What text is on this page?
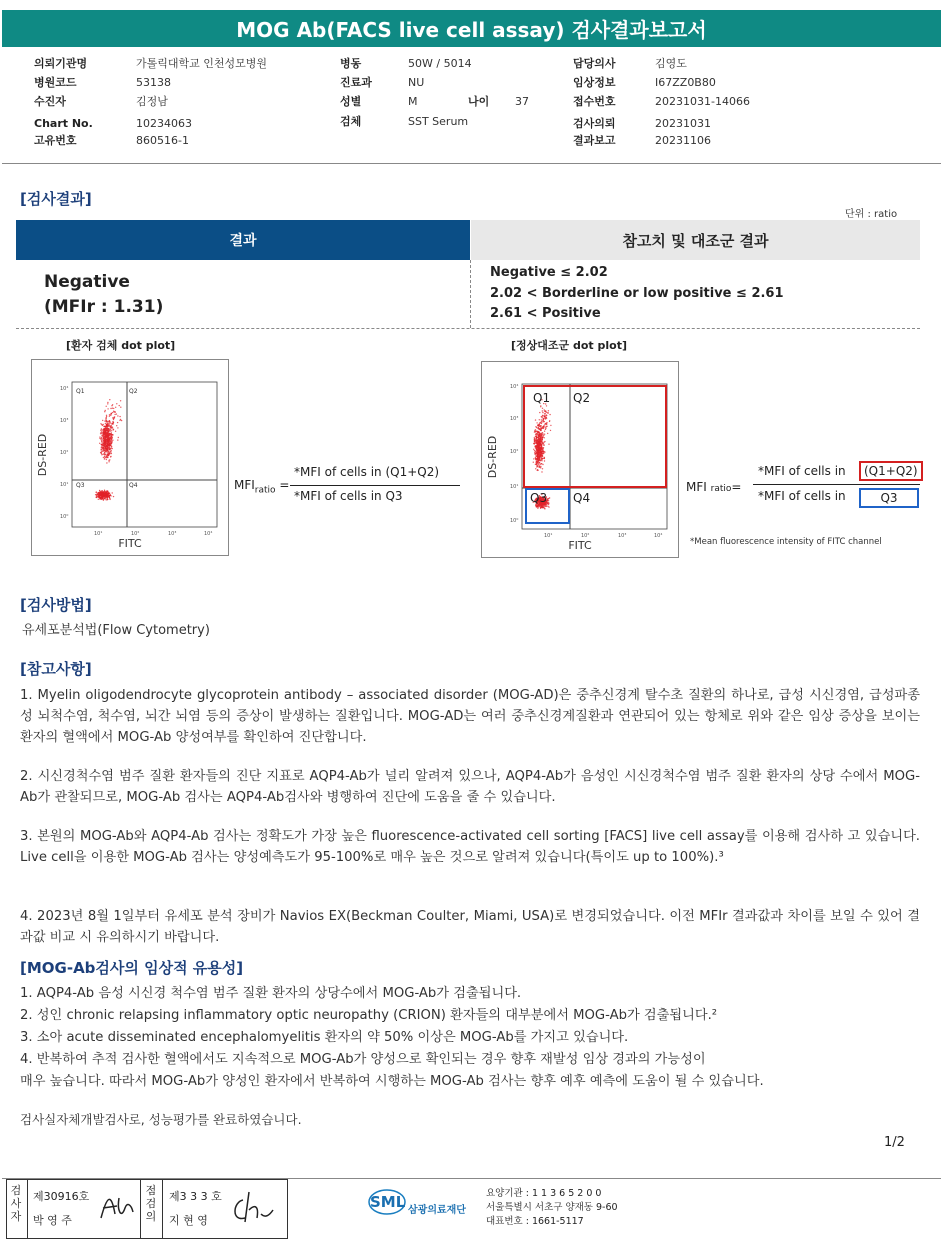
MOG Ab(FACS live cell assay) 검사결과보고서
의뢰기관명	가톨릭대학교 인천성모병원
병원코드	53138
수진자	김정남
Chart No.	10234063
고유번호	860516-1
병동	50W / 5014
진료과	NU
성별	M	나이 37
검체	SST Serum
담당의사	김영도
임상정보	I67ZZ0B80
접수번호	20231031-14066
검사의뢰	20231031
결과보고	20231106
[검사결과]
단위 : ratio
결과	참고치 및 대조군 결과
Negative
(MFIr : 1.31)
Negative ≤ 2.02
2.02 < Borderline or low positive ≤ 2.61
2.61 < Positive
[환자 검체 dot plot]
Q1	Q2
Q3	Q4
10⁴
10³
10²
10¹
10⁰
10¹	10²	10³	10⁴
DS-RED
FITC
$MFI_{ratio}$ =
*MFI of cells in (Q1+Q2)
*MFI of cells in Q3
[정상대조군 dot plot]
Q1 Q2
Q3 Q4
10⁴
10³
10²
10¹
10⁰
10¹	10²	10³	10⁴
DS-RED
FITC
MFI ratio=
*MFI of cells in	(Q1+Q2)
*MFI of cells in	Q3
*Mean fluorescence intensity of FITC channel
[검사방법]
유세포분석법(Flow Cytometry)
[참고사항]
1. Myelin oligodendrocyte glycoprotein antibody – associated disorder (MOG-AD)은 중추신경계 탈수초 질환의 하나로, 급성 시신경염, 급성파종성 뇌척수염, 척수염, 뇌간 뇌염 등의 증상이 발생하는 질환입니다. MOG-AD는 여러 중추신경계질환과 연관되어 있는 항체로 위와 같은 임상 증상을 보이는 환자의 혈액에서 MOG-Ab 양성여부를 확인하여 진단합니다.
2. 시신경척수염 범주 질환 환자들의 진단 지표로 AQP4-Ab가 널리 알려져 있으나, AQP4-Ab가 음성인 시신경척수염 범주 질환 환자의 상당 수에서 MOG-Ab가 관찰되므로, MOG-Ab 검사는 AQP4-Ab검사와 병행하여 진단에 도움을 줄 수 있습니다.
3. 본원의 MOG-Ab와 AQP4-Ab 검사는 정확도가 가장 높은 fluorescence-activated cell sorting [FACS] live cell assay를 이용해 검사하 고 있습니다. Live cell을 이용한 MOG-Ab 검사는 양성예측도가 95-100%로 매우 높은 것으로 알려져 있습니다(특이도 up to 100%).³
4. 2023년 8월 1일부터 유세포 분석 장비가 Navios EX(Beckman Coulter, Miami, USA)로 변경되었습니다. 이전 MFIr 결과값과 차이를 보일 수 있어 결과값 비교 시 유의하시기 바랍니다.
[MOG-Ab검사의 임상적 유용성]
1. AQP4-Ab 음성 시신경 척수염 범주 질환 환자의 상당수에서 MOG-Ab가 검출됩니다.
2. 성인 chronic relapsing inflammatory optic neuropathy (CRION) 환자들의 대부분에서 MOG-Ab가 검출됩니다.²
3. 소아 acute disseminated encephalomyelitis 환자의 약 50% 이상은 MOG-Ab를 가지고 있습니다.
4. 반복하여 추적 검사한 혈액에서도 지속적으로 MOG-Ab가 양성으로 확인되는 경우 향후 재발성 임상 경과의 가능성이
매우 높습니다. 따라서 MOG-Ab가 양성인 환자에서 반복하여 시행하는 MOG-Ab 검사는 향후 예후 예측에 도움이 될 수 있습니다.
검사실자체개발검사로, 성능평가를 완료하였습니다.
1/2
검사자
제30916호
박 영 주
점검의
제3 3 3 호
지 현 영
SML 삼광의료재단
요양기관 : 1 1 3 6 5 2 0 0
서울특별시 서초구 양재동 9-60
대표번호 : 1661-5117
